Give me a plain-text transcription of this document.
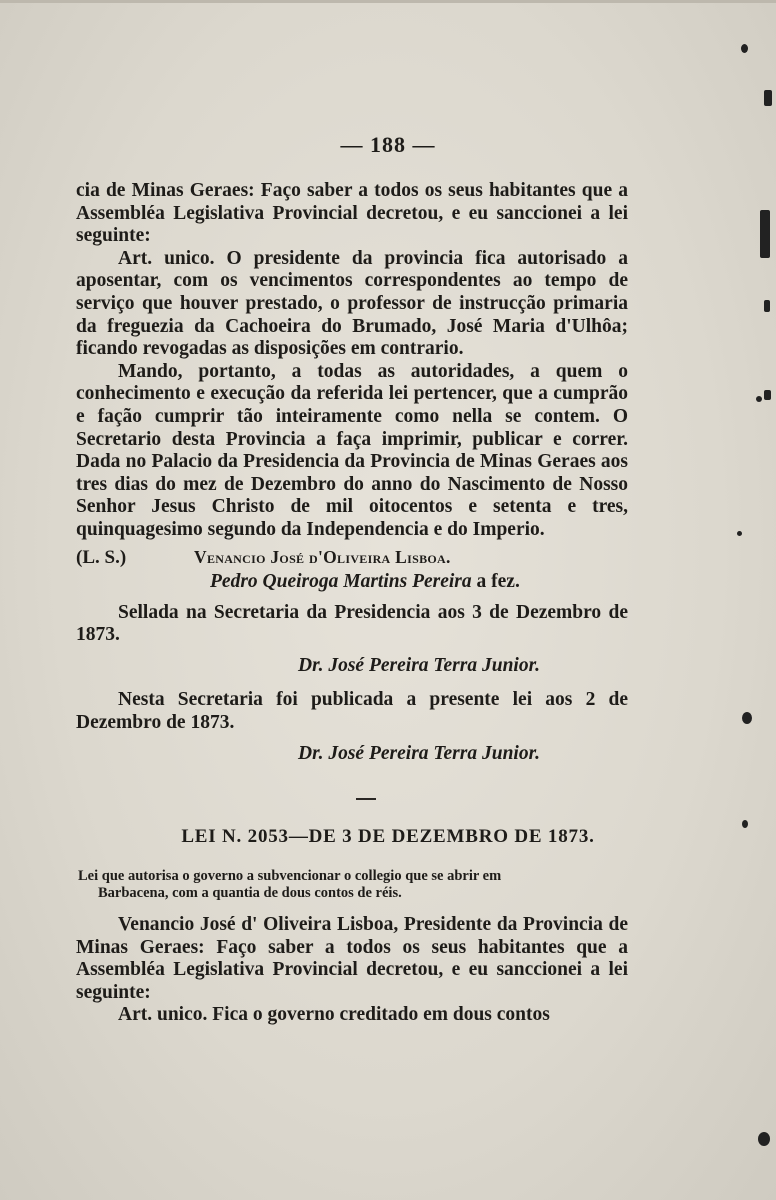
— 188 —

cia de Minas Geraes: Faço saber a todos os seus habitantes que a Assembléa Legislativa Provincial decretou, e eu sanccionei a lei seguinte:

Art. unico. O presidente da provincia fica autorisado a aposentar, com os vencimentos correspondentes ao tempo de serviço que houver prestado, o professor de instrucção primaria da freguezia da Cachoeira do Brumado, José Maria d'Ulhôa; ficando revogadas as disposições em contrario.

Mando, portanto, a todas as autoridades, a quem o conhecimento e execução da referida lei pertencer, que a cumprão e fação cumprir tão inteiramente como nella se contem. O Secretario desta Provincia a faça imprimir, publicar e correr. Dada no Palacio da Presidencia da Provincia de Minas Geraes aos tres dias do mez de Dezembro do anno do Nascimento de Nosso Senhor Jesus Christo de mil oitocentos e setenta e tres, quinquagesimo segundo da Independencia e do Imperio.

(L. S.)	Venancio José d'Oliveira Lisboa.
Pedro Queiroga Martins Pereira a fez.

Sellada na Secretaria da Presidencia aos 3 de Dezembro de 1873.

Dr. José Pereira Terra Junior.

Nesta Secretaria foi publicada a presente lei aos 2 de Dezembro de 1873.

Dr. José Pereira Terra Junior.
LEI N. 2053—DE 3 DE DEZEMBRO DE 1873.
Lei que autorisa o governo a subvencionar o collegio que se abrir em
Barbacena, com a quantia de dous contos de réis.

Venancio José d' Oliveira Lisboa, Presidente da Provincia de Minas Geraes: Faço saber a todos os seus habitantes que a Assembléa Legislativa Provincial decretou, e eu sanccionei a lei seguinte:

Art. unico. Fica o governo creditado em dous contos
